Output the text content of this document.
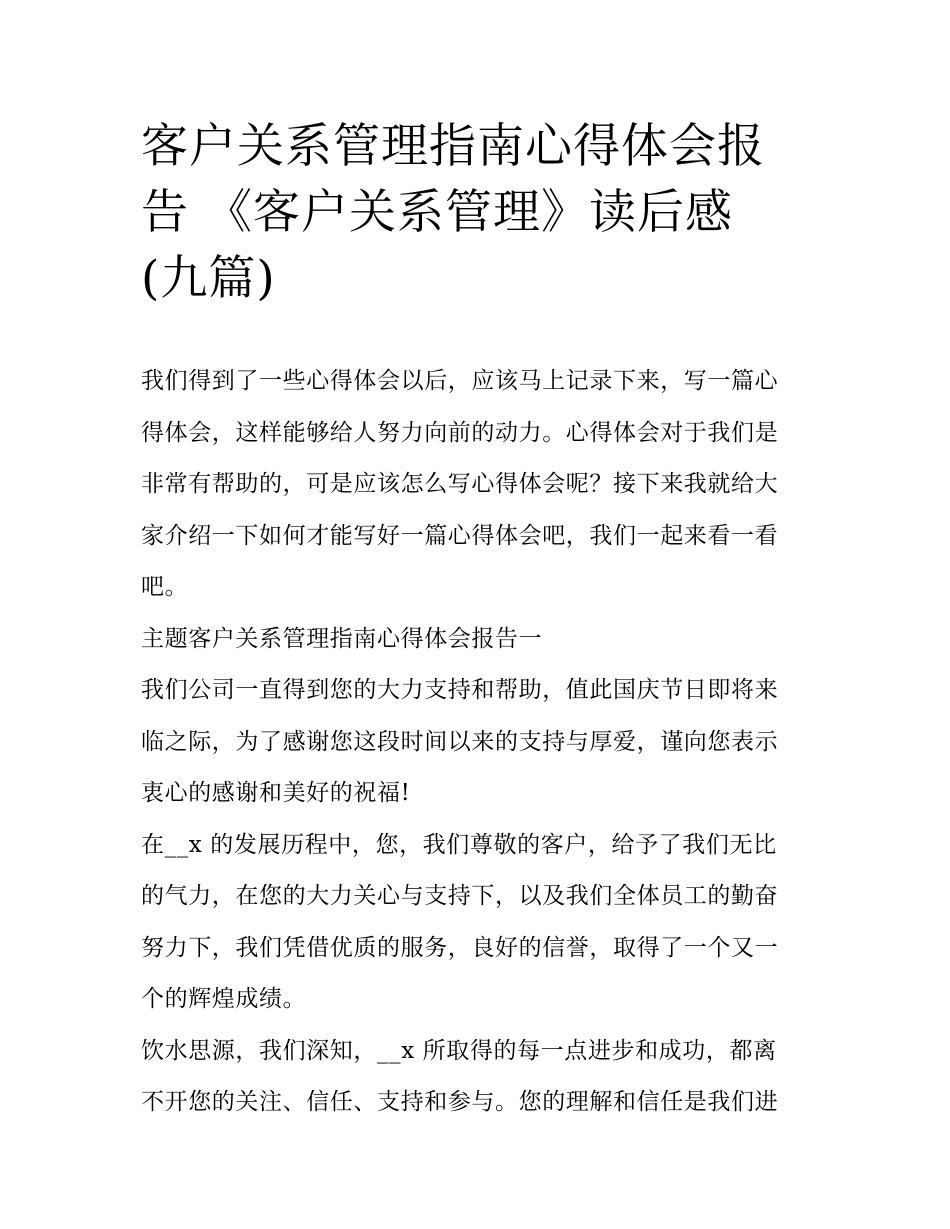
客户关系管理指南心得体会报
告 《客户关系管理》读后感
(九篇)

我们得到了一些心得体会以后，应该马上记录下来，写一篇心
得体会，这样能够给人努力向前的动力。心得体会对于我们是
非常有帮助的，可是应该怎么写心得体会呢？接下来我就给大
家介绍一下如何才能写好一篇心得体会吧，我们一起来看一看
吧。

主题客户关系管理指南心得体会报告一

我们公司一直得到您的大力支持和帮助，值此国庆节日即将来
临之际，为了感谢您这段时间以来的支持与厚爱，谨向您表示
衷心的感谢和美好的祝福!

在__x 的发展历程中，您，我们尊敬的客户，给予了我们无比
的气力，在您的大力关心与支持下，以及我们全体员工的勤奋
努力下，我们凭借优质的服务，良好的信誉，取得了一个又一
个的辉煌成绩。

饮水思源，我们深知，__x 所取得的每一点进步和成功，都离
不开您的关注、信任、支持和参与。您的理解和信任是我们进
